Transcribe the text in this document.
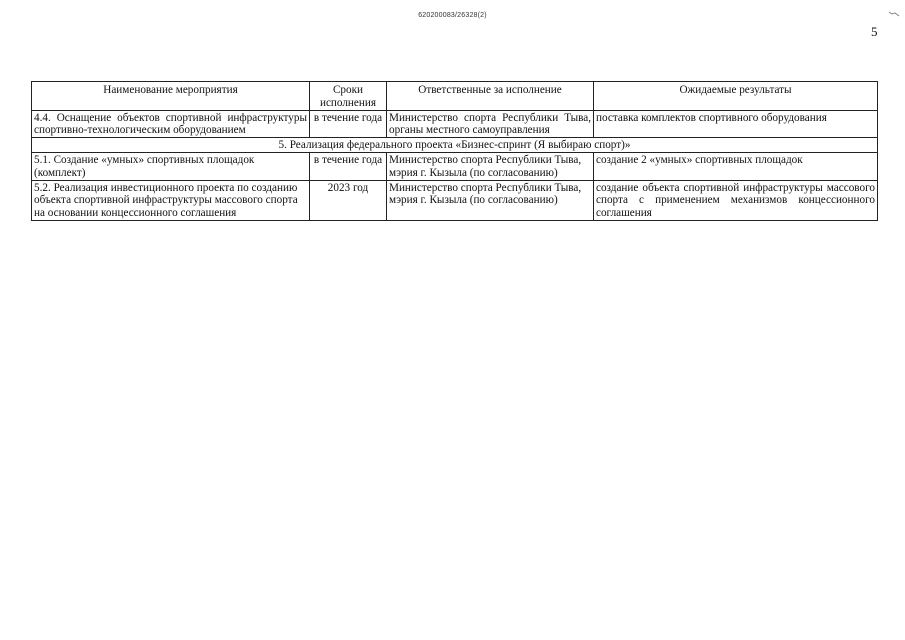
620200083/26328(2)
5
Наименование мероприятия	Сроки исполнения	Ответственные за исполнение	Ожидаемые результаты
4.4. Оснащение объектов спортивной инфраструктуры спортивно-технологическим оборудованием	в течение года	Министерство спорта Республики Тыва, органы местного самоуправления	поставка комплектов спортивного оборудования
5. Реализация федерального проекта «Бизнес-спринт (Я выбираю спорт)»			
5.1. Создание «умных» спортивных площадок (комплект)	в течение года	Министерство спорта Республики Тыва, мэрия г. Кызыла (по согласованию)	создание 2 «умных» спортивных площадок
5.2. Реализация инвестиционного проекта по созданию объекта спортивной инфраструктуры массового спорта на основании концессионного соглашения	2023 год	Министерство спорта Республики Тыва, мэрия г. Кызыла (по согласованию)	создание объекта спортивной инфраструктуры массового спорта с применением механизмов концессионного соглашения
